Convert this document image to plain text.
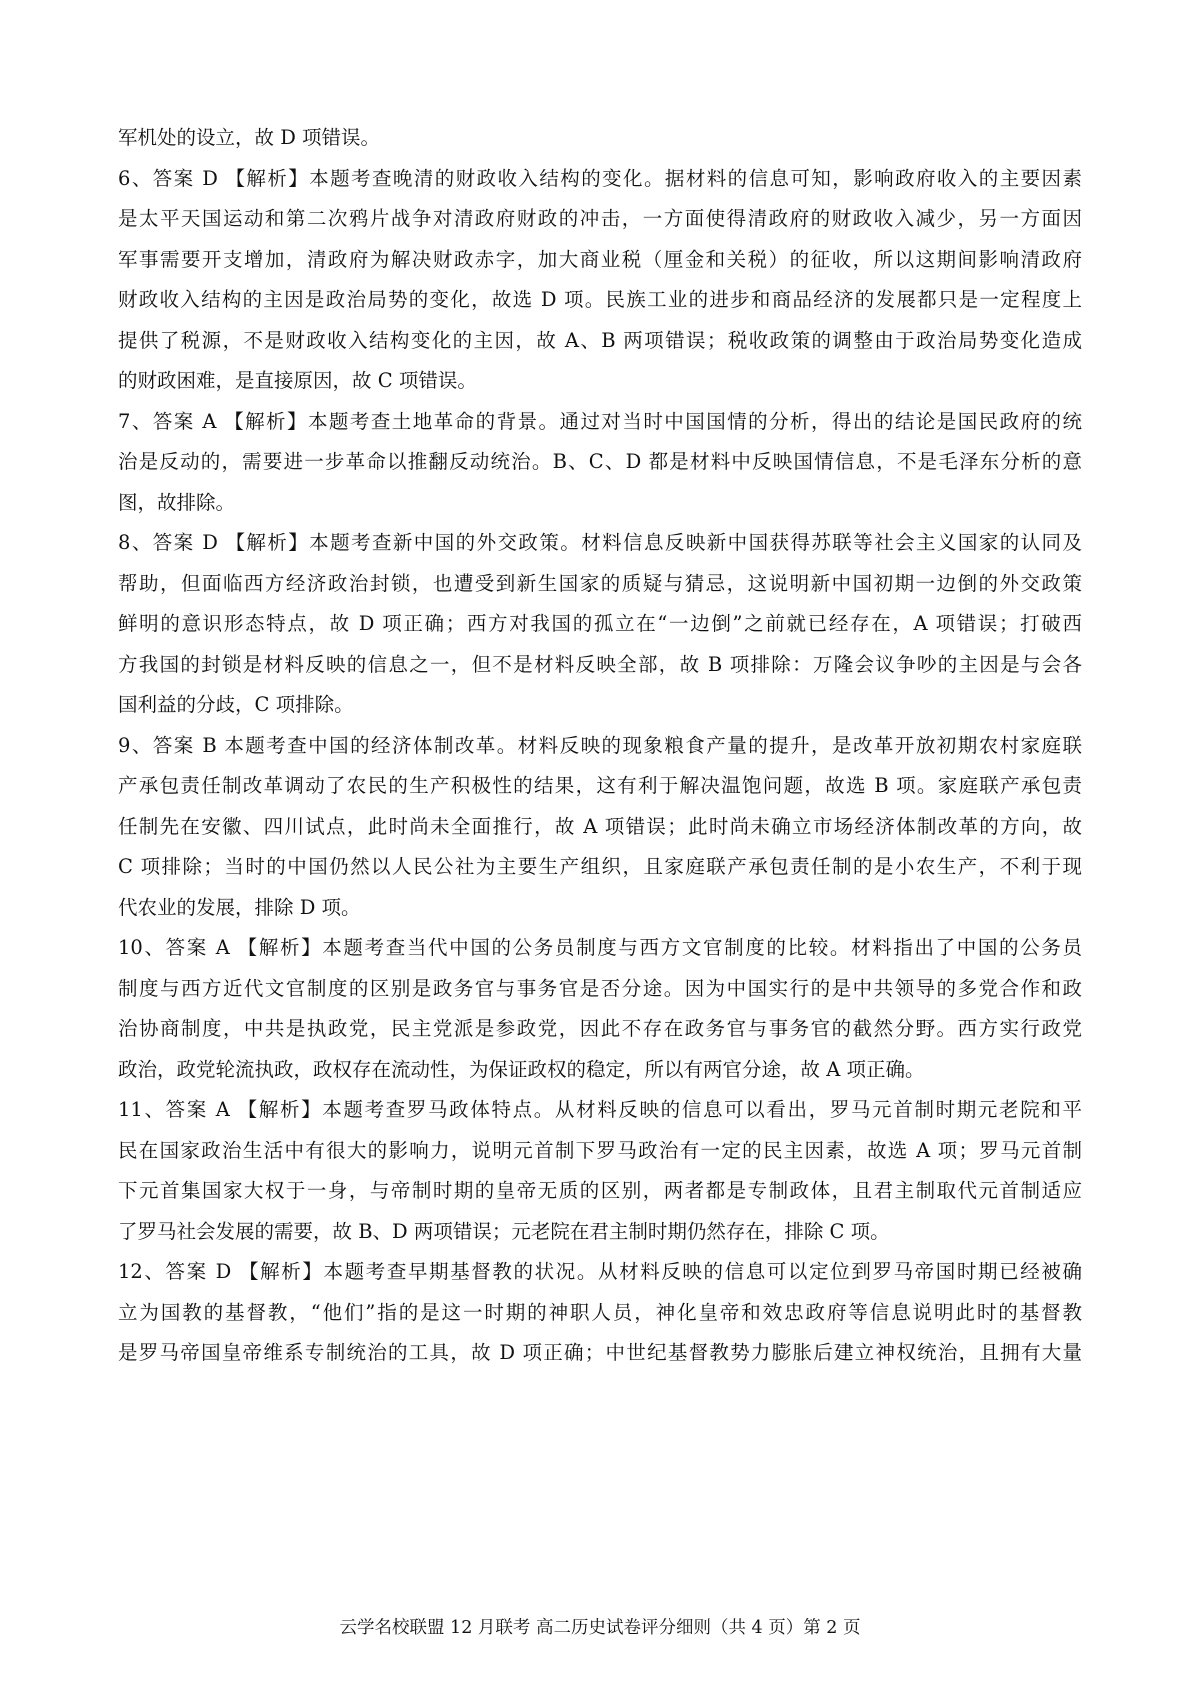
军机处的设立，故 D 项错误。
6、答案 D 【解析】本题考查晚清的财政收入结构的变化。据材料的信息可知，影响政府收入的主要因素
是太平天国运动和第二次鸦片战争对清政府财政的冲击，一方面使得清政府的财政收入减少，另一方面因
军事需要开支增加，清政府为解决财政赤字，加大商业税（厘金和关税）的征收，所以这期间影响清政府
财政收入结构的主因是政治局势的变化，故选 D 项。民族工业的进步和商品经济的发展都只是一定程度上
提供了税源，不是财政收入结构变化的主因，故 A、B 两项错误；税收政策的调整由于政治局势变化造成
的财政困难，是直接原因，故 C 项错误。
7、答案 A 【解析】本题考查土地革命的背景。通过对当时中国国情的分析，得出的结论是国民政府的统
治是反动的，需要进一步革命以推翻反动统治。B、C、D 都是材料中反映国情信息，不是毛泽东分析的意
图，故排除。
8、答案 D 【解析】本题考查新中国的外交政策。材料信息反映新中国获得苏联等社会主义国家的认同及
帮助，但面临西方经济政治封锁，也遭受到新生国家的质疑与猜忌，这说明新中国初期一边倒的外交政策
鲜明的意识形态特点，故 D 项正确；西方对我国的孤立在“一边倒”之前就已经存在，A 项错误；打破西
方我国的封锁是材料反映的信息之一，但不是材料反映全部，故 B 项排除：万隆会议争吵的主因是与会各
国利益的分歧，C 项排除。
9、答案 B 本题考查中国的经济体制改革。材料反映的现象粮食产量的提升，是改革开放初期农村家庭联
产承包责任制改革调动了农民的生产积极性的结果，这有利于解决温饱问题，故选 B 项。家庭联产承包责
任制先在安徽、四川试点，此时尚未全面推行，故 A 项错误；此时尚未确立市场经济体制改革的方向，故
C 项排除；当时的中国仍然以人民公社为主要生产组织，且家庭联产承包责任制的是小农生产，不利于现
代农业的发展，排除 D 项。
10、答案 A 【解析】本题考查当代中国的公务员制度与西方文官制度的比较。材料指出了中国的公务员
制度与西方近代文官制度的区别是政务官与事务官是否分途。因为中国实行的是中共领导的多党合作和政
治协商制度，中共是执政党，民主党派是参政党，因此不存在政务官与事务官的截然分野。西方实行政党
政治，政党轮流执政，政权存在流动性，为保证政权的稳定，所以有两官分途，故 A 项正确。
11、答案 A 【解析】本题考查罗马政体特点。从材料反映的信息可以看出，罗马元首制时期元老院和平
民在国家政治生活中有很大的影响力，说明元首制下罗马政治有一定的民主因素，故选 A 项；罗马元首制
下元首集国家大权于一身，与帝制时期的皇帝无质的区别，两者都是专制政体，且君主制取代元首制适应
了罗马社会发展的需要，故 B、D 两项错误；元老院在君主制时期仍然存在，排除 C 项。
12、答案 D 【解析】本题考查早期基督教的状况。从材料反映的信息可以定位到罗马帝国时期已经被确
立为国教的基督教，“他们”指的是这一时期的神职人员，神化皇帝和效忠政府等信息说明此时的基督教
是罗马帝国皇帝维系专制统治的工具，故 D 项正确；中世纪基督教势力膨胀后建立神权统治，且拥有大量
云学名校联盟 12 月联考 高二历史试卷评分细则（共 4 页）第 2 页
